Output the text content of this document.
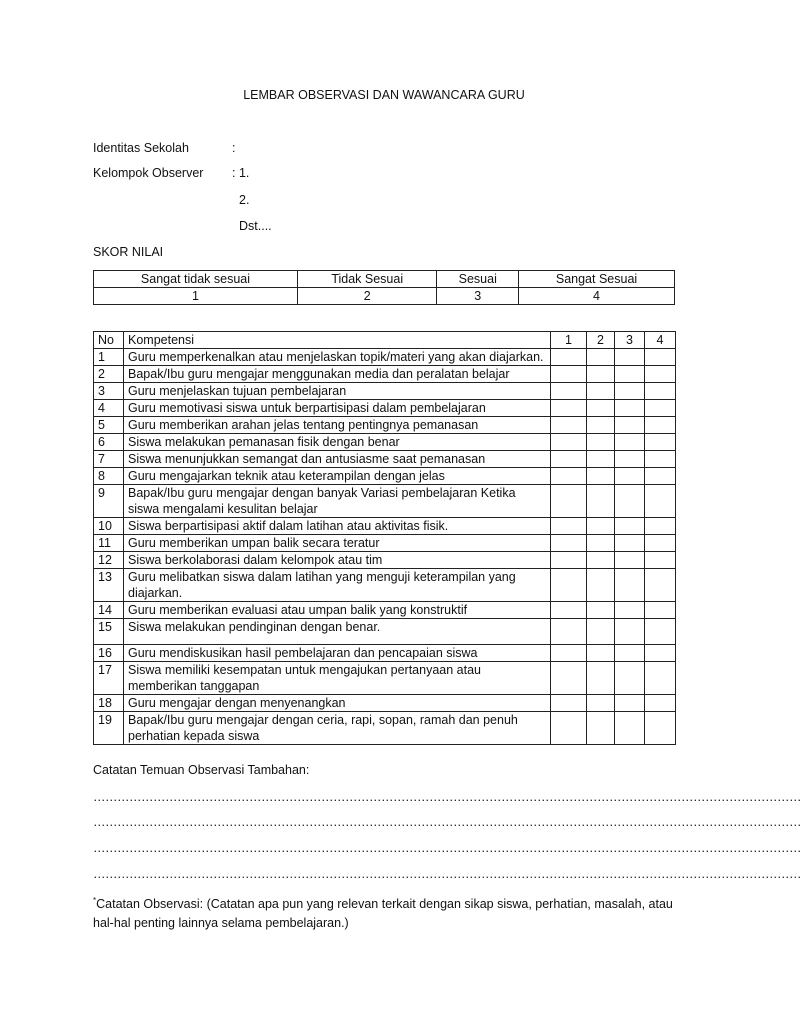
LEMBAR OBSERVASI DAN WAWANCARA GURU
Identitas Sekolah	:
Kelompok Observer : 1.
2.
Dst....
SKOR NILAI
Sangat tidak sesuai	Tidak Sesuai	Sesuai	Sangat Sesuai
1	2	3	4
No	Kompetensi	1	2	3	4
1	Guru memperkenalkan atau menjelaskan topik/materi yang akan diajarkan.				
2	Bapak/Ibu guru mengajar menggunakan media dan peralatan belajar				
3	Guru menjelaskan tujuan pembelajaran				
4	Guru memotivasi siswa untuk berpartisipasi dalam pembelajaran				
5	Guru memberikan arahan jelas tentang pentingnya pemanasan				
6	Siswa melakukan pemanasan fisik dengan benar				
7	Siswa menunjukkan semangat dan antusiasme saat pemanasan				
8	Guru mengajarkan teknik atau keterampilan dengan jelas				
9	Bapak/Ibu guru mengajar dengan banyak Variasi pembelajaran Ketika siswa mengalami kesulitan belajar				
10	Siswa berpartisipasi aktif dalam latihan atau aktivitas fisik.				
11	Guru memberikan umpan balik secara teratur				
12	Siswa berkolaborasi dalam kelompok atau tim				
13	Guru melibatkan siswa dalam latihan yang menguji keterampilan yang diajarkan.				
14	Guru memberikan evaluasi atau umpan balik yang konstruktif				
15	Siswa melakukan pendinginan dengan benar.				
16	Guru mendiskusikan hasil pembelajaran dan pencapaian siswa				
17	Siswa memiliki kesempatan untuk mengajukan pertanyaan atau memberikan tanggapan				
18	Guru mengajar dengan menyenangkan				
19	Bapak/Ibu guru mengajar dengan ceria, rapi, sopan, ramah dan penuh perhatian kepada siswa				
Catatan Temuan Observasi Tambahan:
……………………………………………………………………………………………………………………………………………………………
……………………………………………………………………………………………………………………………………………………………
……………………………………………………………………………………………………………………………………………………………
……………………………………………………………………………………………………………………………………………………………
*Catatan Observasi: (Catatan apa pun yang relevan terkait dengan sikap siswa, perhatian, masalah, atau hal-hal penting lainnya selama pembelajaran.)
